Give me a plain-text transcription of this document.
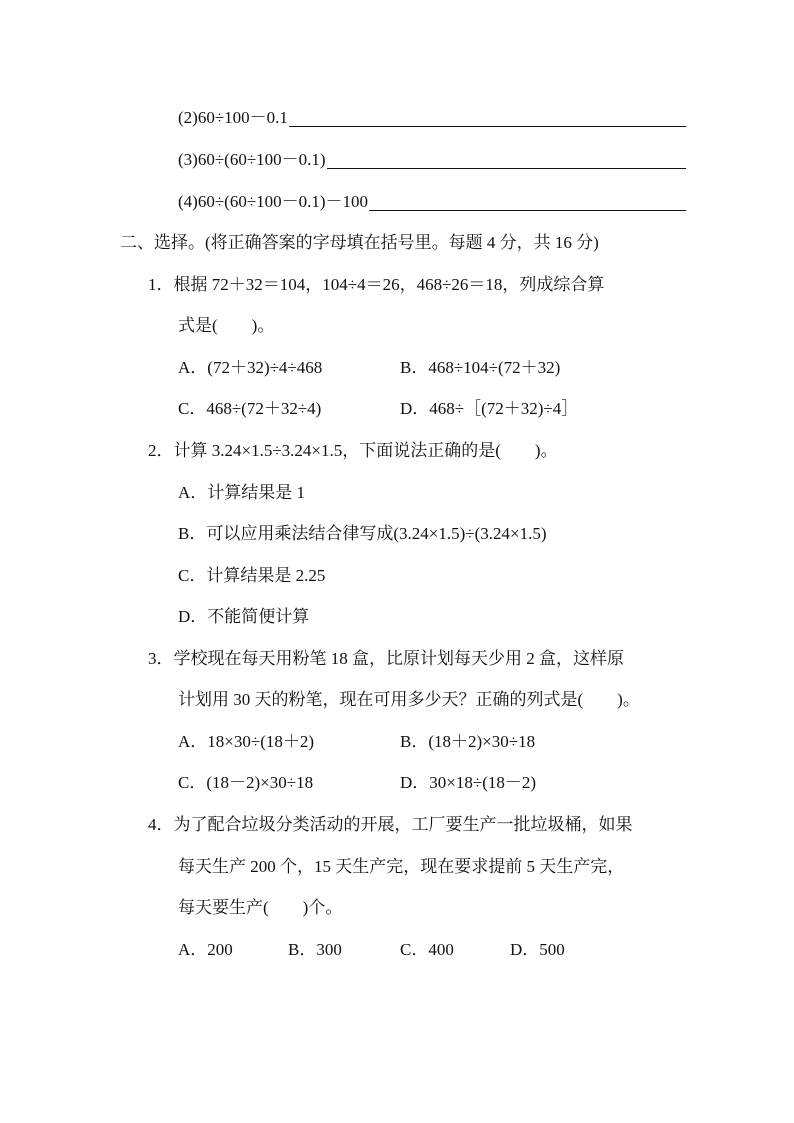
(2)60÷100－0.1
(3)60÷(60÷100－0.1)
(4)60÷(60÷100－0.1)－100
二、选择。(将正确答案的字母填在括号里。每题 4 分，共 16 分)
1．根据 72＋32＝104，104÷4＝26，468÷26＝18，列成综合算
式是(　　)。
A．(72＋32)÷4÷468	B．468÷104÷(72＋32)
C．468÷(72＋32÷4)	D．468÷［(72＋32)÷4］
2．计算 3.24×1.5÷3.24×1.5，下面说法正确的是(　　)。
A．计算结果是 1
B．可以应用乘法结合律写成(3.24×1.5)÷(3.24×1.5)
C．计算结果是 2.25
D．不能简便计算
3．学校现在每天用粉笔 18 盒，比原计划每天少用 2 盒，这样原
计划用 30 天的粉笔，现在可用多少天？正确的列式是(　　)。
A．18×30÷(18＋2)	B．(18＋2)×30÷18
C．(18－2)×30÷18	D．30×18÷(18－2)
4．为了配合垃圾分类活动的开展，工厂要生产一批垃圾桶，如果
每天生产 200 个，15 天生产完，现在要求提前 5 天生产完，
每天要生产(　　)个。
A．200	B．300	C．400	D．500
